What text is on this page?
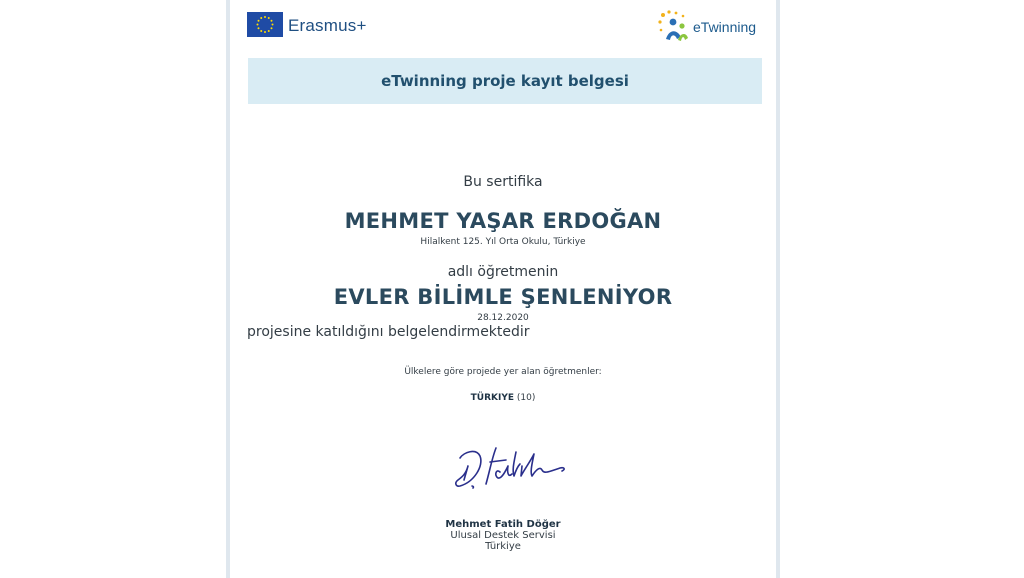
Erasmus+	eTwinning
eTwinning proje kayıt belgesi
Bu sertifika
MEHMET YAŞAR ERDOĞAN
Hilalkent 125. Yıl Orta Okulu, Türkiye
adlı öğretmenin
EVLER BİLİMLE ŞENLENİYOR
28.12.2020
projesine katıldığını belgelendirmektedir
Ülkelere göre projede yer alan öğretmenler:
TÜRKIYE (10)
Mehmet Fatih Döğer
Ulusal Destek Servisi
Türkiye
